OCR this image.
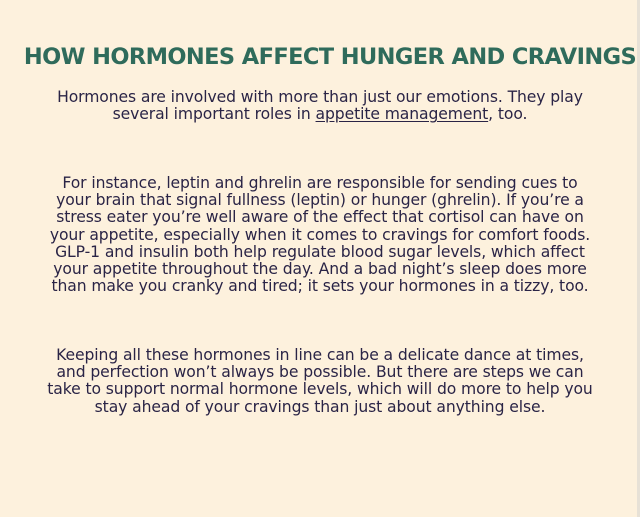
HOW HORMONES AFFECT HUNGER AND CRAVINGS
Hormones are involved with more than just our emotions. They play
several important roles in appetite management, too.
For instance, leptin and ghrelin are responsible for sending cues to
your brain that signal fullness (leptin) or hunger (ghrelin). If you’re a
stress eater you’re well aware of the effect that cortisol can have on
your appetite, especially when it comes to cravings for comfort foods.
GLP-1 and insulin both help regulate blood sugar levels, which affect
your appetite throughout the day. And a bad night’s sleep does more
than make you cranky and tired; it sets your hormones in a tizzy, too.
Keeping all these hormones in line can be a delicate dance at times,
and perfection won’t always be possible. But there are steps we can
take to support normal hormone levels, which will do more to help you
stay ahead of your cravings than just about anything else.
